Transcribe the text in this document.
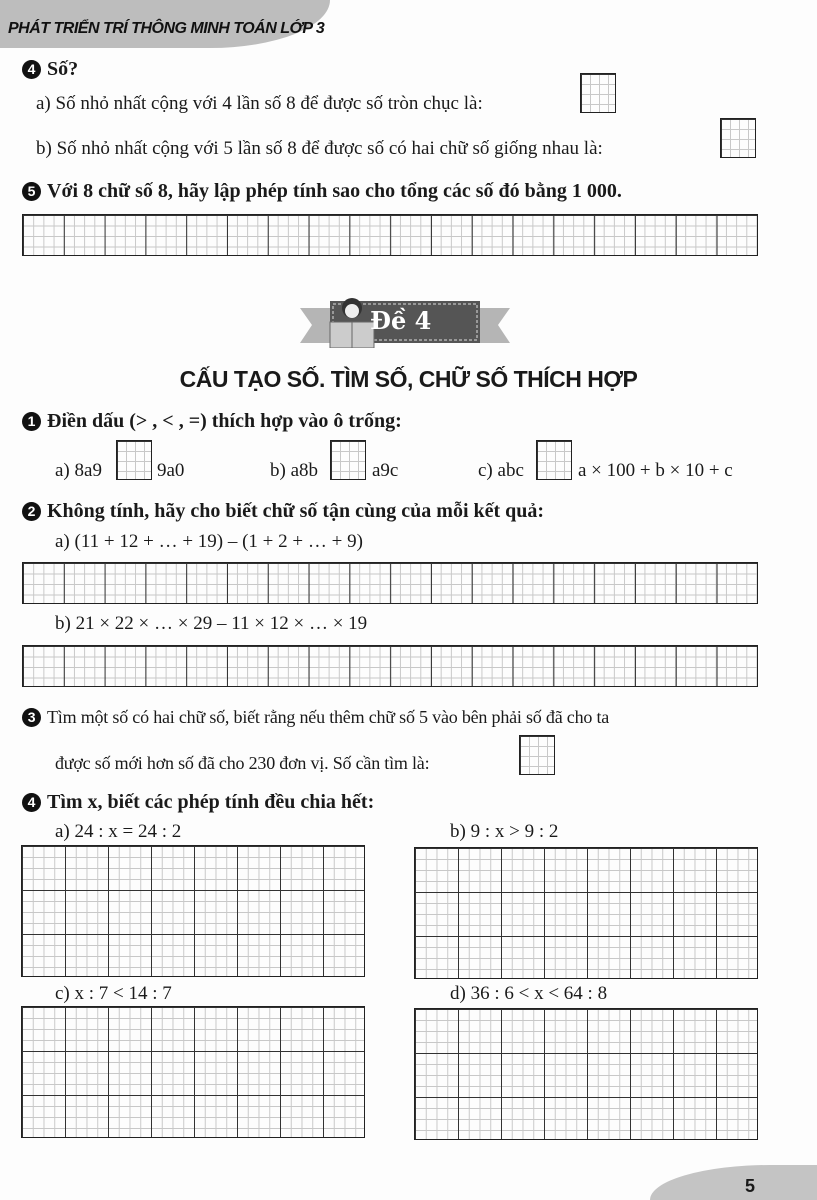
PHÁT TRIỂN TRÍ THÔNG MINH TOÁN LỚP 3
4 Số?
a) Số nhỏ nhất cộng với 4 lần số 8 để được số tròn chục là:
b) Số nhỏ nhất cộng với 5 lần số 8 để được số có hai chữ số giống nhau là:
5 Với 8 chữ số 8, hãy lập phép tính sao cho tổng các số đó bằng 1 000.
Đề 4
CẤU TẠO SỐ. TÌM SỐ, CHỮ SỐ THÍCH HỢP
1 Điền dấu (> , < , =) thích hợp vào ô trống:
a) 8a9	9a0	b) a8b	a9c	c) abc	a × 100 + b × 10 + c
2 Không tính, hãy cho biết chữ số tận cùng của mỗi kết quả:
a) (11 + 12 + … + 19) – (1 + 2 + … + 9)
b) 21 × 22 × … × 29 – 11 × 12 × … × 19
3 Tìm một số có hai chữ số, biết rằng nếu thêm chữ số 5 vào bên phải số đã cho ta
được số mới hơn số đã cho 230 đơn vị. Số cần tìm là:
4 Tìm x, biết các phép tính đều chia hết:
a) 24 : x = 24 : 2	b) 9 : x > 9 : 2
c) x : 7 < 14 : 7	d) 36 : 6 < x < 64 : 8
5
